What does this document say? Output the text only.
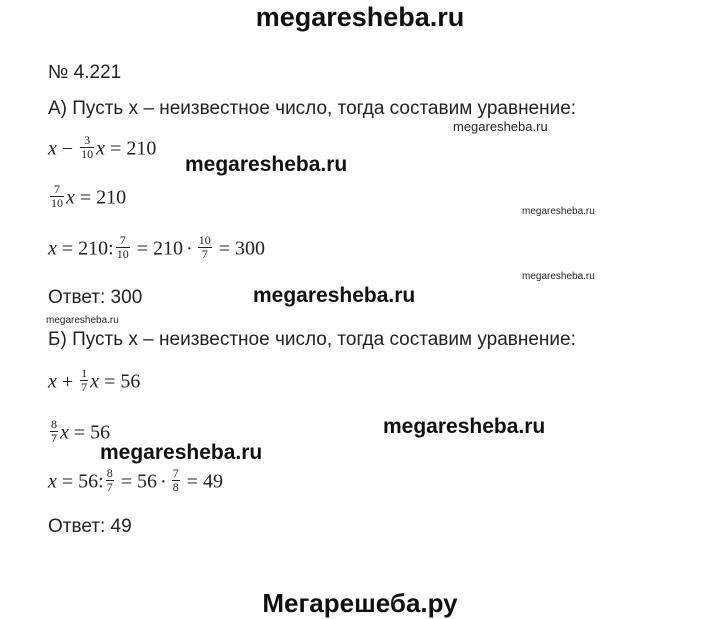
megaresheba.ru
№ 4.221
А) Пусть х – неизвестное число, тогда составим уравнение:
megaresheba.ru
$x - \frac{3}{10}$ x = 210
megaresheba.ru
$\frac{7}{10}$ x = 210
megaresheba.ru
x = 210: $\frac{7}{10} = 210 \cdot \frac{10}{7} = 300$
megaresheba.ru
Ответ: 300	megaresheba.ru
megaresheba.ru
Б) Пусть х – неизвестное число, тогда составим уравнение:
$x + \frac{1}{7}$ x = 56
megaresheba.ru
$\frac{8}{7}$ x = 56
megaresheba.ru
x = 56: $\frac{8}{7} = 56 \cdot \frac{7}{8} = 49$
Ответ: 49
Мегарешеба.ру
